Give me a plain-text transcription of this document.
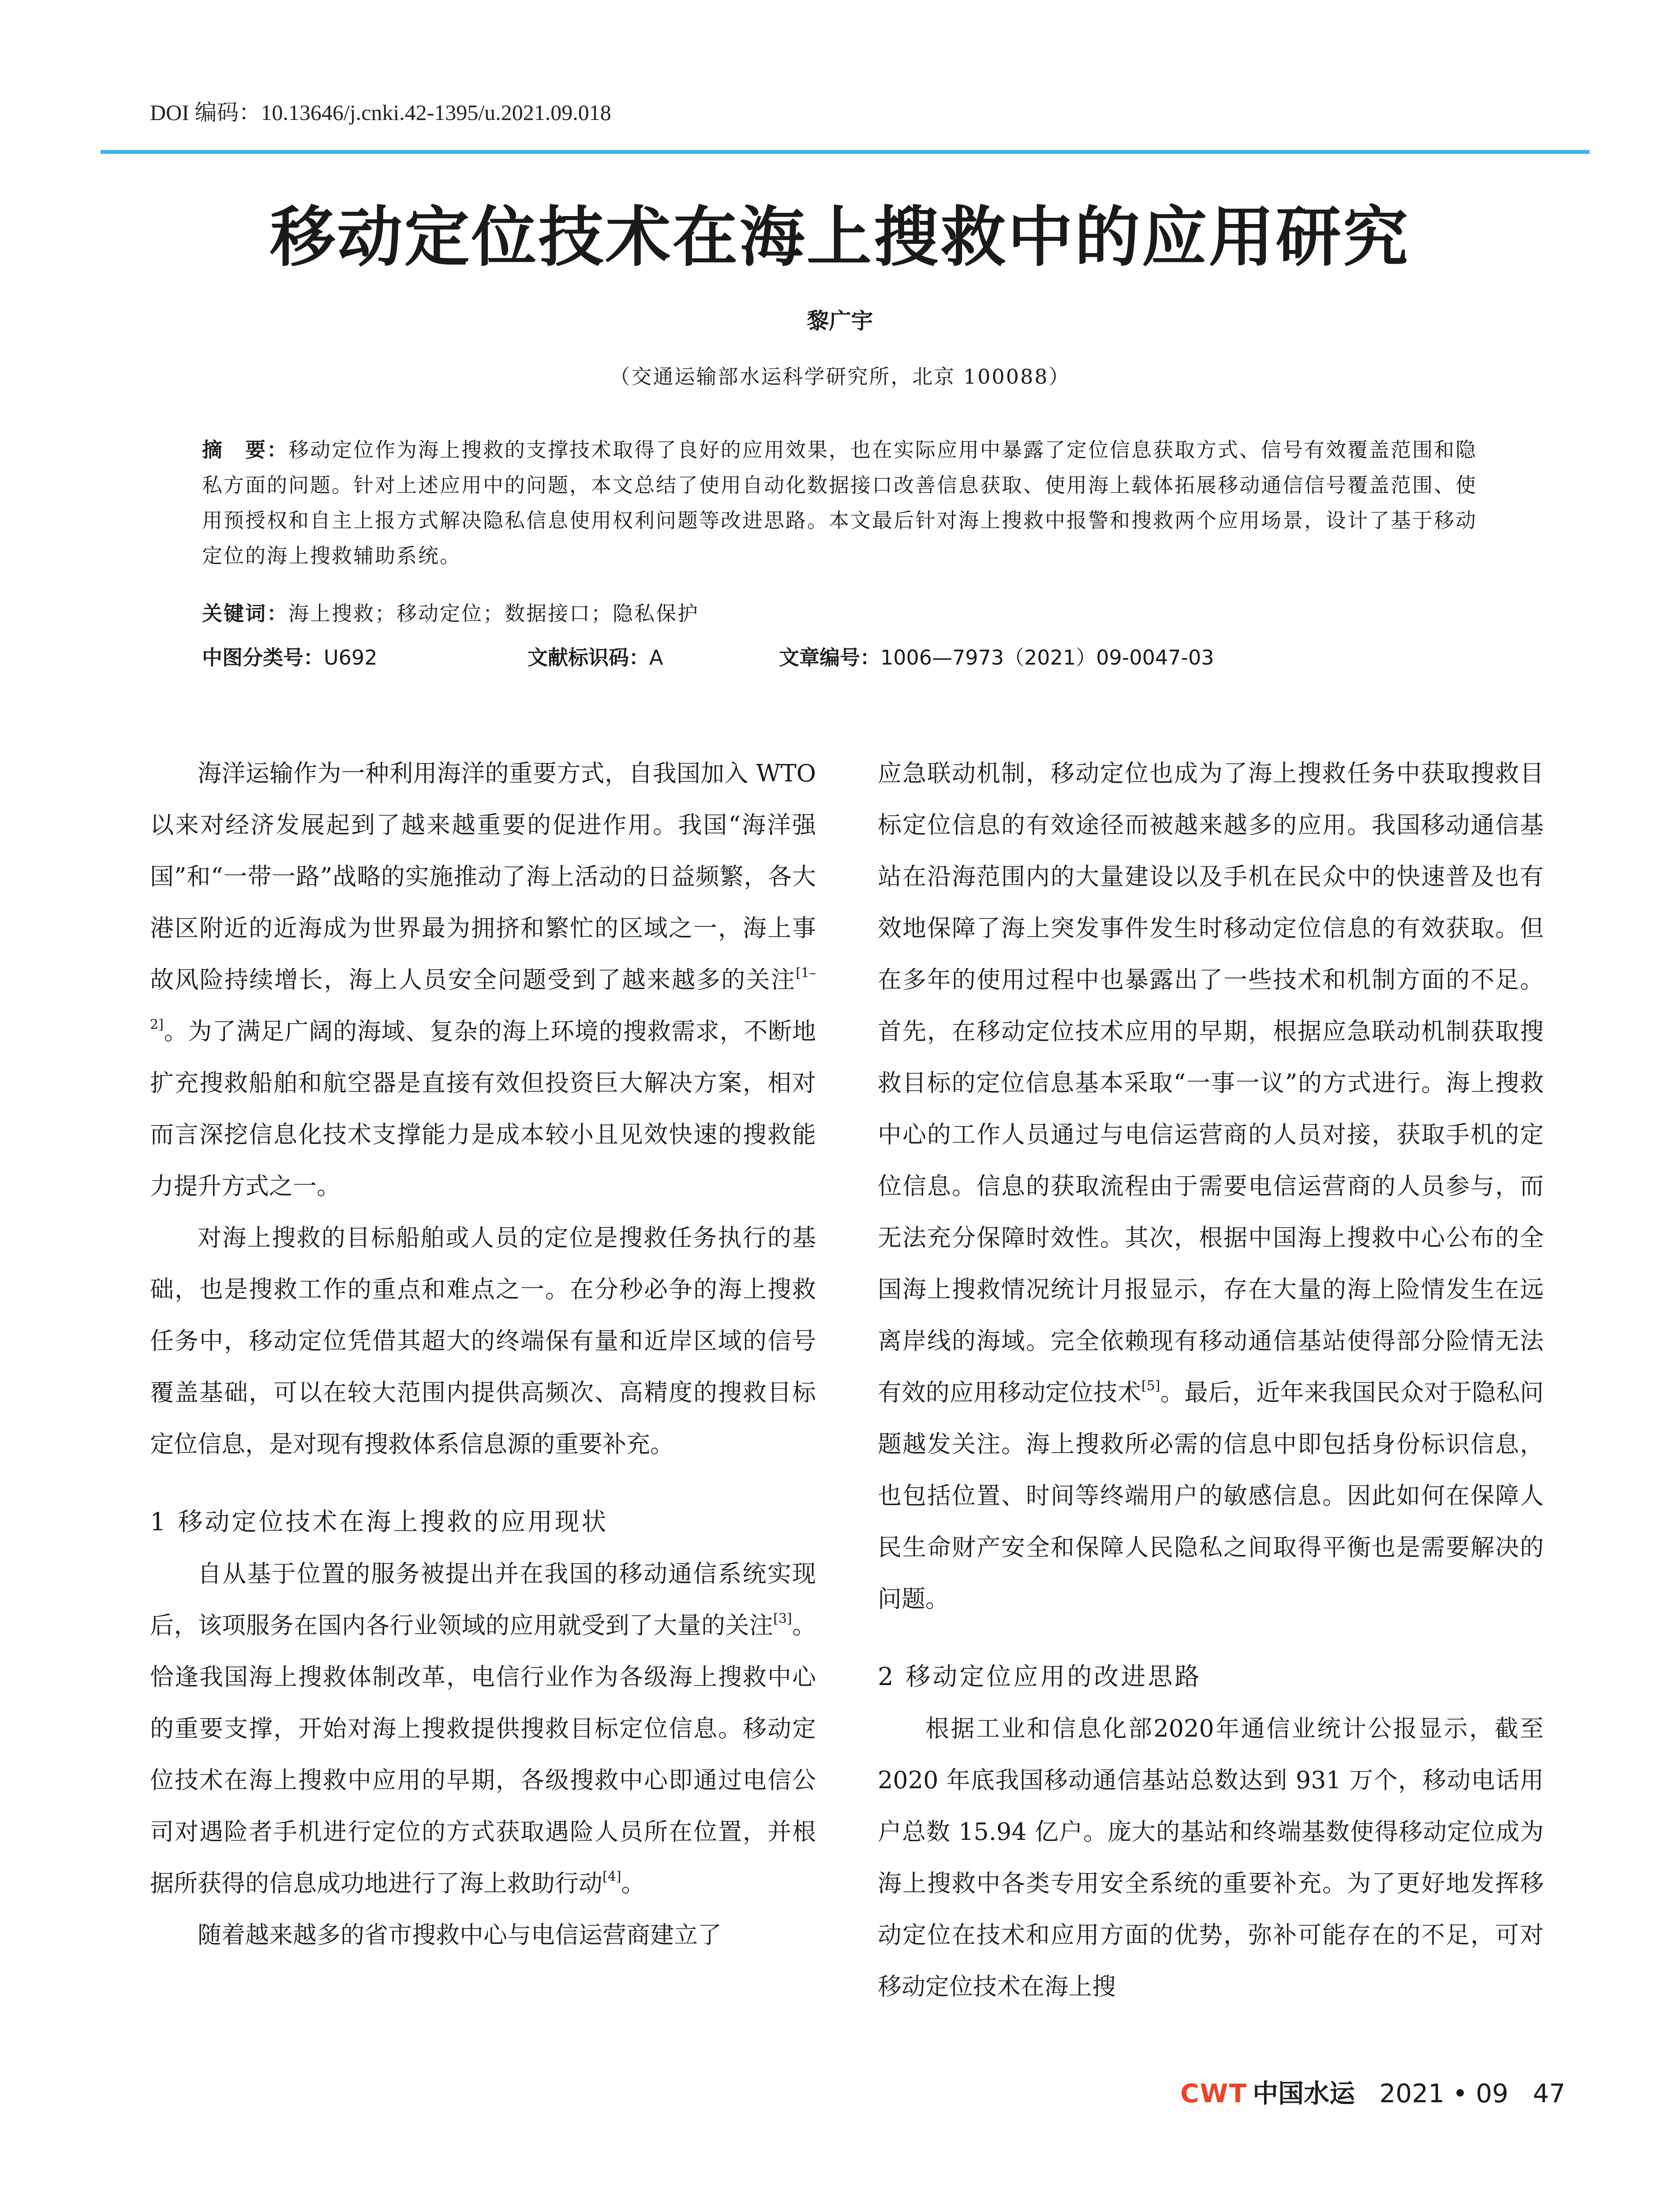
DOI 编码：10.13646/j.cnki.42-1395/u.2021.09.018
移动定位技术在海上搜救中的应用研究
黎广宇
（交通运输部水运科学研究所，北京 100088）
摘　要：移动定位作为海上搜救的支撑技术取得了良好的应用效果，也在实际应用中暴露了定位信息获取方式、信号有效覆盖范围和隐私方面的问题。针对上述应用中的问题，本文总结了使用自动化数据接口改善信息获取、使用海上载体拓展移动通信信号覆盖范围、使用预授权和自主上报方式解决隐私信息使用权利问题等改进思路。本文最后针对海上搜救中报警和搜救两个应用场景，设计了基于移动定位的海上搜救辅助系统。
关键词：海上搜救；移动定位；数据接口；隐私保护
中图分类号：U692	文献标识码：A	文章编号：1006—7973（2021）09-0047-03

海洋运输作为一种利用海洋的重要方式，自我国加入 WTO 以来对经济发展起到了越来越重要的促进作用。我国“海洋强国”和“一带一路”战略的实施推动了海上活动的日益频繁，各大港区附近的近海成为世界最为拥挤和繁忙的区域之一，海上事故风险持续增长，海上人员安全问题受到了越来越多的关注[1–2]。为了满足广阔的海域、复杂的海上环境的搜救需求，不断地扩充搜救船舶和航空器是直接有效但投资巨大解决方案，相对而言深挖信息化技术支撑能力是成本较小且见效快速的搜救能力提升方式之一。

对海上搜救的目标船舶或人员的定位是搜救任务执行的基础，也是搜救工作的重点和难点之一。在分秒必争的海上搜救任务中，移动定位凭借其超大的终端保有量和近岸区域的信号覆盖基础，可以在较大范围内提供高频次、高精度的搜救目标定位信息，是对现有搜救体系信息源的重要补充。

1 移动定位技术在海上搜救的应用现状

自从基于位置的服务被提出并在我国的移动通信系统实现后，该项服务在国内各行业领域的应用就受到了大量的关注[3]。恰逢我国海上搜救体制改革，电信行业作为各级海上搜救中心的重要支撑，开始对海上搜救提供搜救目标定位信息。移动定位技术在海上搜救中应用的早期，各级搜救中心即通过电信公司对遇险者手机进行定位的方式获取遇险人员所在位置，并根据所获得的信息成功地进行了海上救助行动[4]。

随着越来越多的省市搜救中心与电信运营商建立了

应急联动机制，移动定位也成为了海上搜救任务中获取搜救目标定位信息的有效途径而被越来越多的应用。我国移动通信基站在沿海范围内的大量建设以及手机在民众中的快速普及也有效地保障了海上突发事件发生时移动定位信息的有效获取。但在多年的使用过程中也暴露出了一些技术和机制方面的不足。首先，在移动定位技术应用的早期，根据应急联动机制获取搜救目标的定位信息基本采取“一事一议”的方式进行。海上搜救中心的工作人员通过与电信运营商的人员对接，获取手机的定位信息。信息的获取流程由于需要电信运营商的人员参与，而无法充分保障时效性。其次，根据中国海上搜救中心公布的全国海上搜救情况统计月报显示，存在大量的海上险情发生在远离岸线的海域。完全依赖现有移动通信基站使得部分险情无法有效的应用移动定位技术[5]。最后，近年来我国民众对于隐私问题越发关注。海上搜救所必需的信息中即包括身份标识信息，也包括位置、时间等终端用户的敏感信息。因此如何在保障人民生命财产安全和保障人民隐私之间取得平衡也是需要解决的问题。

2 移动定位应用的改进思路

根据工业和信息化部2020年通信业统计公报显示，截至 2020 年底我国移动通信基站总数达到 931 万个，移动电话用户总数 15.94 亿户。庞大的基站和终端基数使得移动定位成为海上搜救中各类专用安全系统的重要补充。为了更好地发挥移动定位在技术和应用方面的优势，弥补可能存在的不足，可对移动定位技术在海上搜

CWT 中国水运 2021 • 09 47
